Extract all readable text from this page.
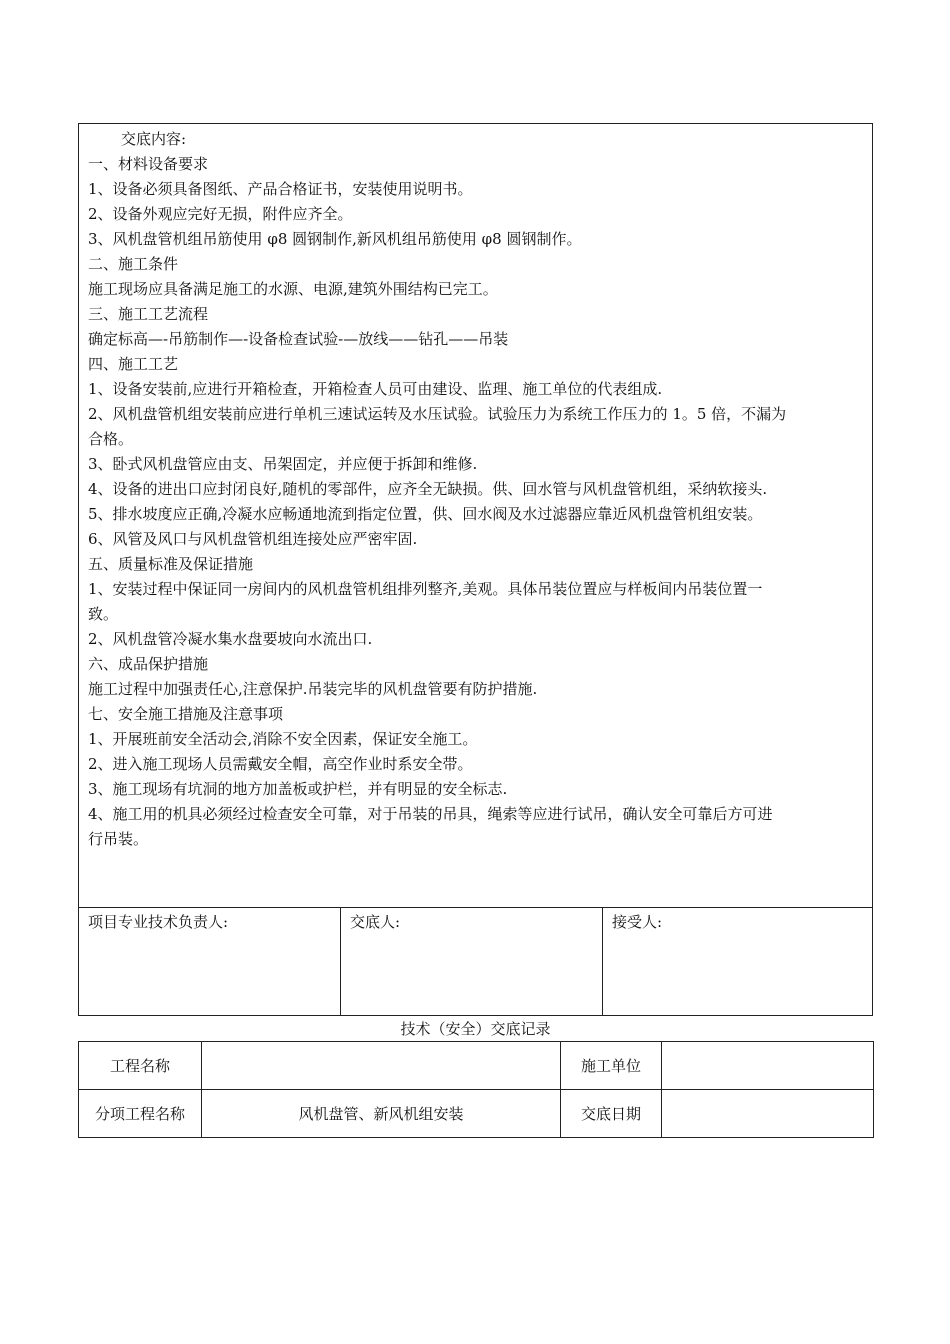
交底内容:
一、材料设备要求
1、设备必须具备图纸、产品合格证书，安装使用说明书。
2、设备外观应完好无损，附件应齐全。
3、风机盘管机组吊筋使用 φ8 圆钢制作,新风机组吊筋使用 φ8 圆钢制作。
二、施工条件
施工现场应具备满足施工的水源、电源,建筑外围结构已完工。
三、施工工艺流程
确定标高—-吊筋制作—-设备检查试验-—放线——钻孔——吊装
四、施工工艺
1、设备安装前,应进行开箱检查，开箱检查人员可由建设、监理、施工单位的代表组成.
2、风机盘管机组安装前应进行单机三速试运转及水压试验。试验压力为系统工作压力的 1。5 倍，不漏为
合格。
3、卧式风机盘管应由支、吊架固定，并应便于拆卸和维修.
4、设备的进出口应封闭良好,随机的零部件，应齐全无缺损。供、回水管与风机盘管机组，采纳软接头.
5、排水坡度应正确,冷凝水应畅通地流到指定位置，供、回水阀及水过滤器应靠近风机盘管机组安装。
6、风管及风口与风机盘管机组连接处应严密牢固.
五、质量标准及保证措施
1、安装过程中保证同一房间内的风机盘管机组排列整齐,美观。具体吊装位置应与样板间内吊装位置一
致。
2、风机盘管冷凝水集水盘要坡向水流出口.
六、成品保护措施
施工过程中加强责任心,注意保护.吊装完毕的风机盘管要有防护措施.
七、安全施工措施及注意事项
1、开展班前安全活动会,消除不安全因素，保证安全施工。
2、进入施工现场人员需戴安全帽，高空作业时系安全带。
3、施工现场有坑洞的地方加盖板或护栏，并有明显的安全标志.
4、施工用的机具必须经过检查安全可靠，对于吊装的吊具，绳索等应进行试吊，确认安全可靠后方可进
行吊装。
项目专业技术负责人:	交底人:	接受人:
技术（安全）交底记录
工程名称		施工单位	
分项工程名称	风机盘管、新风机组安装	交底日期	
